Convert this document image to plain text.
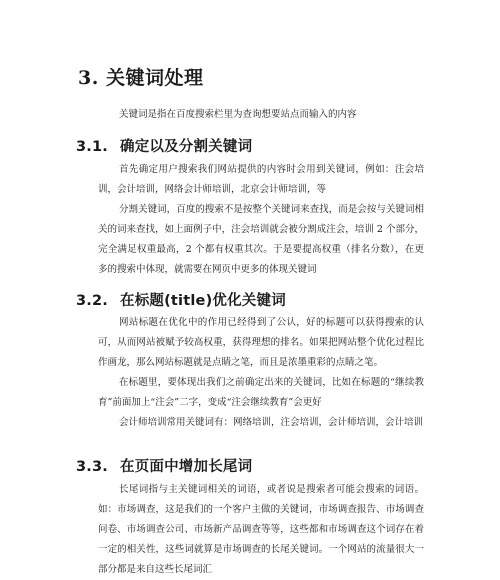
3. 关键词处理

关键词是指在百度搜索栏里为查询想要站点而输入的内容

3.1. 确定以及分割关键词

首先确定用户搜索我们网站提供的内容时会用到关键词，例如：注会培训，会计培训，网络会计师培训，北京会计师培训，等

分割关键词，百度的搜索不是按整个关键词来查找，而是会按与关键词相关的词来查找，如上面例子中，注会培训就会被分割成注会，培训 2 个部分，完全满足权重最高，2 个都有权重其次。于是要提高权重（排名分数），在更多的搜索中体现，就需要在网页中更多的体现关键词

3.2. 在标题(title)优化关键词

网站标题在优化中的作用已经得到了公认，好的标题可以获得搜索的认可，从而网站被赋予较高权重，获得理想的排名。如果把网站整个优化过程比作画龙，那么网站标题就是点睛之笔，而且是浓墨重彩的点睛之笔。

在标题里，要体现出我们之前确定出来的关键词，比如在标题的“继续教育”前面加上“注会”二字，变成“注会继续教育”会更好

会计师培训常用关键词有：网络培训，注会培训，会计师培训，会计培训

3.3. 在页面中增加长尾词

长尾词指与主关键词相关的词语，或者说是搜索者可能会搜索的词语。如：市场调查，这是我们的一个客户主做的关键词，市场调查报告、市场调查问卷、市场调查公司、市场新产品调查等等，这些都和市场调查这个词存在着一定的相关性，这些词就算是市场调查的长尾关键词。一个网站的流量很大一部分都是来自这些长尾词汇
